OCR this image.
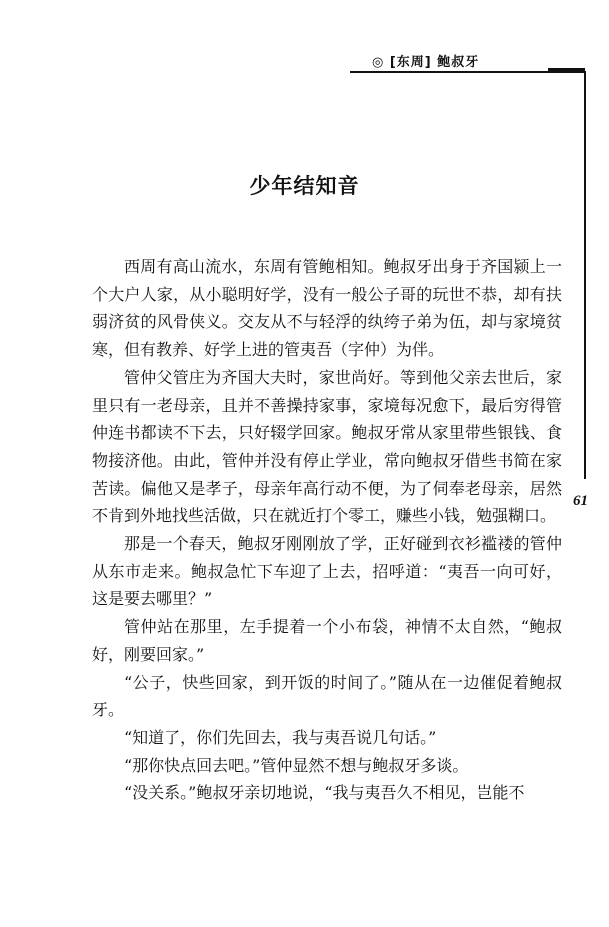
◎ [东周] 鲍叔牙
61
少年结知音

西周有高山流水，东周有管鲍相知。鲍叔牙出身于齐国颍上一个大户人家，从小聪明好学，没有一般公子哥的玩世不恭，却有扶弱济贫的风骨侠义。交友从不与轻浮的纨绔子弟为伍，却与家境贫寒，但有教养、好学上进的管夷吾（字仲）为伴。

管仲父管庄为齐国大夫时，家世尚好。等到他父亲去世后，家里只有一老母亲，且并不善操持家事，家境每况愈下，最后穷得管仲连书都读不下去，只好辍学回家。鲍叔牙常从家里带些银钱、食物接济他。由此，管仲并没有停止学业，常向鲍叔牙借些书简在家苦读。偏他又是孝子，母亲年高行动不便，为了伺奉老母亲，居然不肯到外地找些活做，只在就近打个零工，赚些小钱，勉强糊口。

那是一个春天，鲍叔牙刚刚放了学，正好碰到衣衫褴褛的管仲从东市走来。鲍叔急忙下车迎了上去，招呼道：“夷吾一向可好，这是要去哪里？”

管仲站在那里，左手提着一个小布袋，神情不太自然，“鲍叔好，刚要回家。”

“公子，快些回家，到开饭的时间了。”随从在一边催促着鲍叔牙。

“知道了，你们先回去，我与夷吾说几句话。”

“那你快点回去吧。”管仲显然不想与鲍叔牙多谈。

“没关系。”鲍叔牙亲切地说，“我与夷吾久不相见，岂能不
